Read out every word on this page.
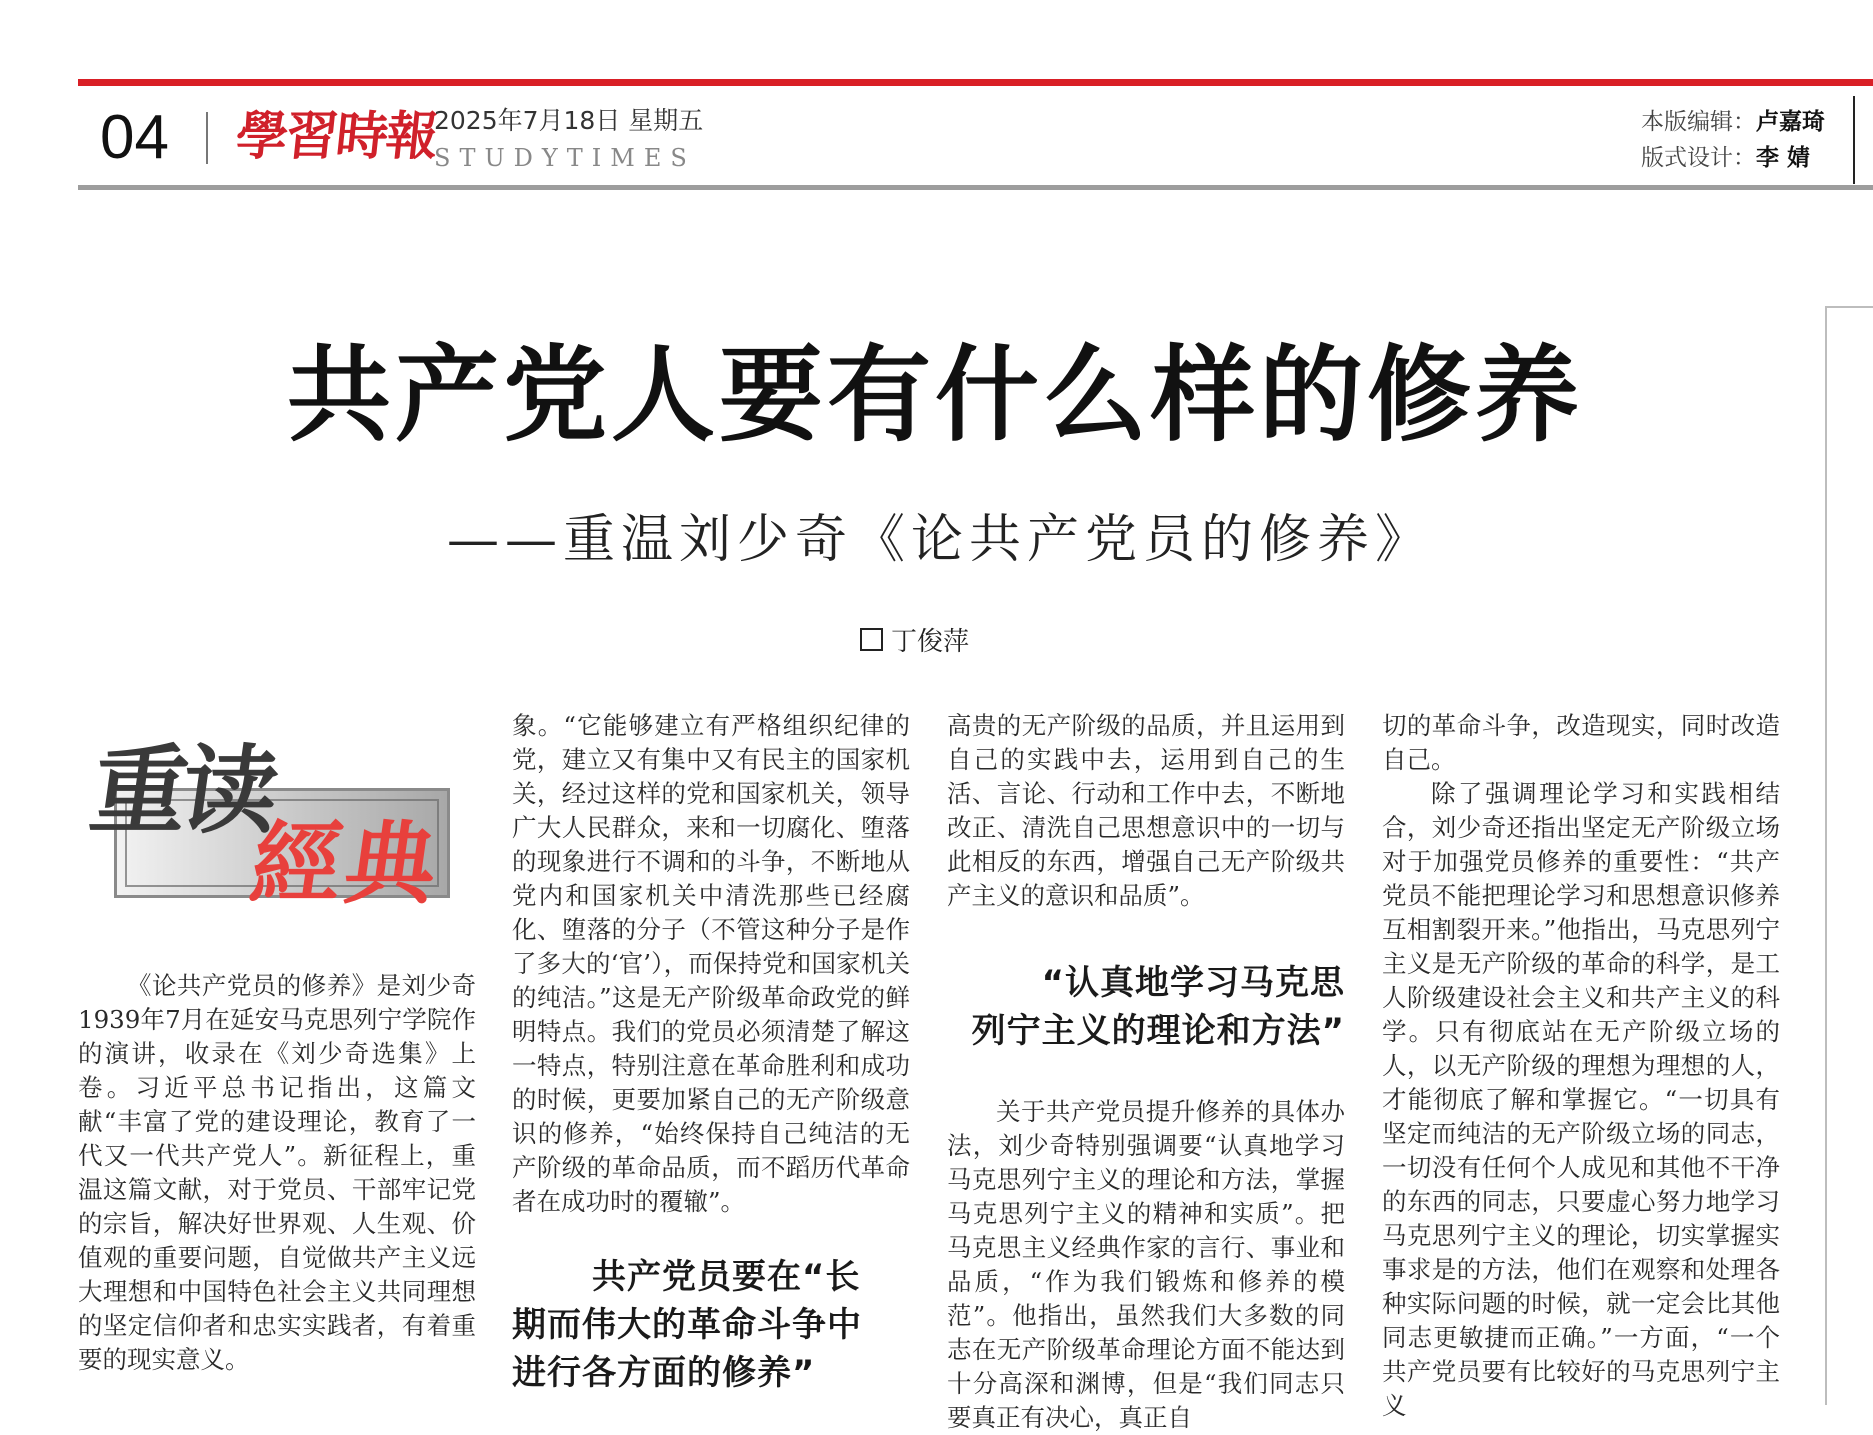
04 學習時報
2025年7月18日 星期五
STUDYTIMES
本版编辑：卢嘉琦
版式设计：李 婧
共产党人要有什么样的修养
——重温刘少奇《论共产党员的修养》
丁俊萍
重读
經典

《论共产党员的修养》是刘少奇1939年7月在延安马克思列宁学院作的演讲，收录在《刘少奇选集》上卷。习近平总书记指出，这篇文献“丰富了党的建设理论，教育了一代又一代共产党人”。新征程上，重温这篇文献，对于党员、干部牢记党的宗旨，解决好世界观、人生观、价值观的重要问题，自觉做共产主义远大理想和中国特色社会主义共同理想的坚定信仰者和忠实实践者，有着重要的现实意义。

象。“它能够建立有严格组织纪律的党，建立又有集中又有民主的国家机关，经过这样的党和国家机关，领导广大人民群众，来和一切腐化、堕落的现象进行不调和的斗争，不断地从党内和国家机关中清洗那些已经腐化、堕落的分子（不管这种分子是作了多大的‘官’），而保持党和国家机关的纯洁。”这是无产阶级革命政党的鲜明特点。我们的党员必须清楚了解这一特点，特别注意在革命胜利和成功的时候，更要加紧自己的无产阶级意识的修养，“始终保持自己纯洁的无产阶级的革命品质，而不蹈历代革命者在成功时的覆辙”。

共产党员要在“长
期而伟大的革命斗争中
进行各方面的修养”

高贵的无产阶级的品质，并且运用到自己的实践中去，运用到自己的生活、言论、行动和工作中去，不断地改正、清洗自己思想意识中的一切与此相反的东西，增强自己无产阶级共产主义的意识和品质”。

“认真地学习马克思
列宁主义的理论和方法”

关于共产党员提升修养的具体办法，刘少奇特别强调要“认真地学习马克思列宁主义的理论和方法，掌握马克思列宁主义的精神和实质”。把马克思主义经典作家的言行、事业和品质，“作为我们锻炼和修养的模范”。他指出，虽然我们大多数的同志在无产阶级革命理论方面不能达到十分高深和渊博，但是“我们同志只要真正有决心，真正自

切的革命斗争，改造现实，同时改造自己。

除了强调理论学习和实践相结合，刘少奇还指出坚定无产阶级立场对于加强党员修养的重要性：“共产党员不能把理论学习和思想意识修养互相割裂开来。”他指出，马克思列宁主义是无产阶级的革命的科学，是工人阶级建设社会主义和共产主义的科学。只有彻底站在无产阶级立场的人，以无产阶级的理想为理想的人，才能彻底了解和掌握它。“一切具有坚定而纯洁的无产阶级立场的同志，一切没有任何个人成见和其他不干净的东西的同志，只要虚心努力地学习马克思列宁主义的理论，切实掌握实事求是的方法，他们在观察和处理各种实际问题的时候，就一定会比其他同志更敏捷而正确。”一方面，“一个共产党员要有比较好的马克思列宁主义
